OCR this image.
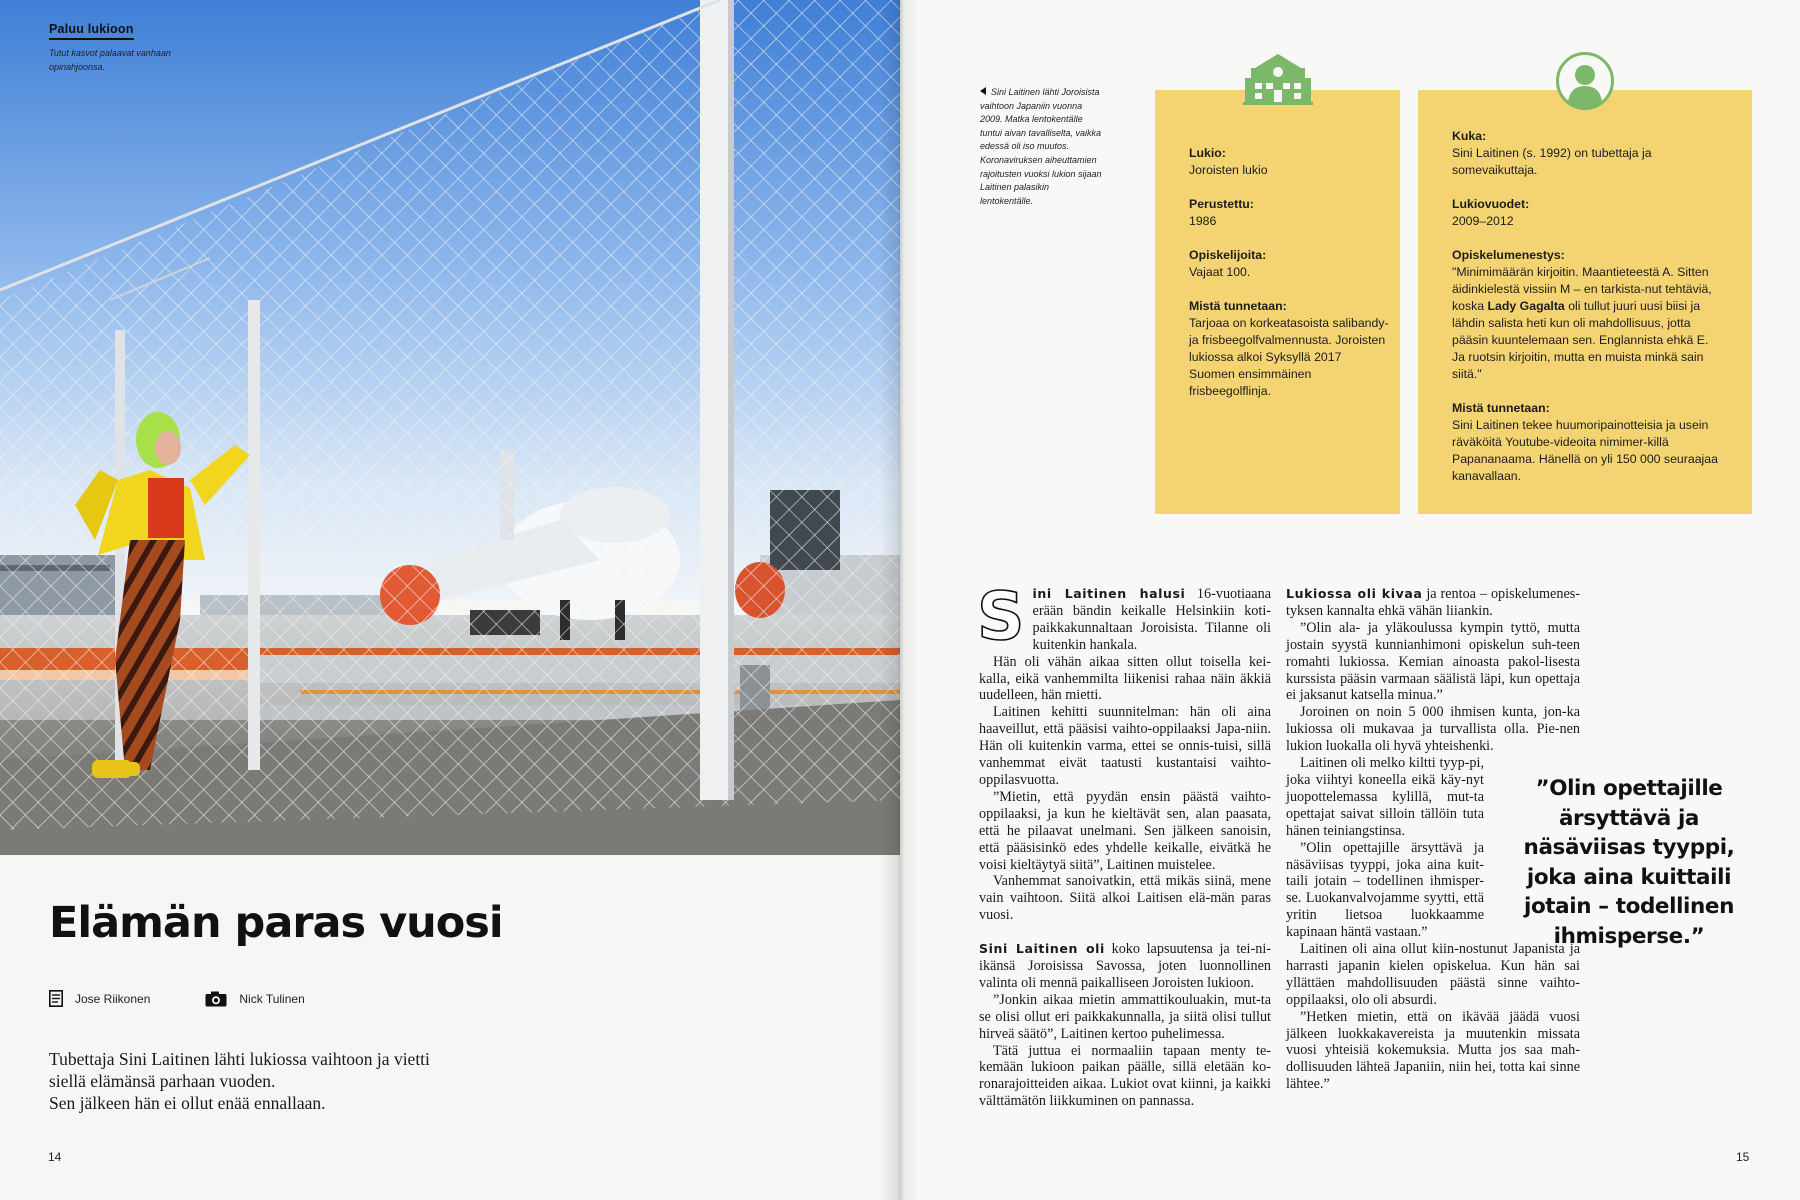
Paluu lukioon
Tutut kasvot palaavat vanhaan opinahjoonsa.
Elämän paras vuosi
Jose Riikonen	Nick Tulinen

Tubettaja Sini Laitinen lähti lukiossa vaihtoon ja vietti

siellä elämänsä parhaan vuoden.

Sen jälkeen hän ei ollut enää ennallaan.

14
Sini Laitinen lähti Joroisista vaihtoon Japaniin vuonna 2009. Matka lentokentälle tuntui aivan tavalliselta, vaikka edessä oli iso muutos. Koronaviruksen aiheuttamien rajoitusten vuoksi lukion sijaan Laitinen palasikin lentokentälle.
Lukio:
Joroisten lukio
Perustettu:
1986
Opiskelijoita:
Vajaat 100.
Mistä tunnetaan:
Tarjoaa on korkeatasoista salibandy- ja frisbeegolfvalmennusta. Joroisten lukiossa alkoi Syksyllä 2017 Suomen ensimmäinen frisbeegolflinja.
Kuka:
Sini Laitinen (s. 1992) on tubettaja ja somevaikuttaja.
Lukiovuodet:
2009–2012
Opiskelumenestys:
"Minimimäärän kirjoitin. Maantieteestä A. Sitten äidinkielestä vissiin M – en tarkista-nut tehtäviä, koska Lady Gagalta oli tullut juuri uusi biisi ja lähdin salista heti kun oli mahdollisuus, jotta pääsin kuuntelemaan sen. Englannista ehkä E. Ja ruotsin kirjoitin, mutta en muista minkä sain siitä."
Mistä tunnetaan:
Sini Laitinen tekee huumoripainotteisia ja usein räväköitä Youtube-videoita nimimer-killä Papananaama. Hänellä on yli 150 000 seuraajaa kanavallaan.
S ini Laitinen halusi 16-vuotiaana erään bändin keikalle Helsinkiin koti-paikkakunnaltaan Joroisista. Tilanne oli kuitenkin hankala.

Hän oli vähän aikaa sitten ollut toisella kei-kalla, eikä vanhemmilta liikenisi rahaa näin äkkiä uudelleen, hän mietti.

Laitinen kehitti suunnitelman: hän oli aina haaveillut, että pääsisi vaihto-oppilaaksi Japa-niin. Hän oli kuitenkin varma, ettei se onnis-tuisi, sillä vanhemmat eivät taatusti kustantaisi vaihto-oppilasvuotta.

”Mietin, että pyydän ensin päästä vaihto-oppilaaksi, ja kun he kieltävät sen, alan paasata, että he pilaavat unelmani. Sen jälkeen sanoisin, että pääsisinkö edes yhdelle keikalle, eivätkä he voisi kieltäytyä siitä”, Laitinen muistelee.

Vanhemmat sanoivatkin, että mikäs siinä, mene vain vaihtoon. Siitä alkoi Laitisen elä-män paras vuosi.

Sini Laitinen oli koko lapsuutensa ja tei-ni-ikänsä Joroisissa Savossa, joten luonnollinen valinta oli mennä paikalliseen Joroisten lukioon.

”Jonkin aikaa mietin ammattikouluakin, mut-ta se olisi ollut eri paikkakunnalla, ja siitä olisi tullut hirveä säätö”, Laitinen kertoo puhelimessa.

Tätä juttua ei normaaliin tapaan menty te-kemään lukioon paikan päälle, sillä eletään ko-ronarajoitteiden aikaa. Lukiot ovat kiinni, ja kaikki välttämätön liikkuminen on pannassa.

Lukiossa oli kivaa ja rentoa – opiskelumenes-tyksen kannalta ehkä vähän liiankin.

”Olin ala- ja yläkoulussa kympin tyttö, mutta jostain syystä kunnianhimoni opiskelun suh-teen romahti lukiossa. Kemian ainoasta pakol-lisesta kurssista pääsin varmaan säälistä läpi, kun opettaja ei jaksanut katsella minua.”

Joroinen on noin 5 000 ihmisen kunta, jon-ka lukiossa oli mukavaa ja turvallista olla. Pie-nen lukion luokalla oli hyvä yhteishenki.

Laitinen oli melko kiltti tyyp-pi, joka viihtyi koneella eikä käy-nyt juopottelemassa kylillä, mut-ta opettajat saivat silloin tällöin tuta hänen teiniangstinsa.

”Olin opettajille ärsyttävä ja näsäviisas tyyppi, joka aina kuit-taili jotain – todellinen ihmisper-se. Luokanvalvojamme syytti, että yritin lietsoa luokkaamme kapinaan häntä vastaan.”

Laitinen oli aina ollut kiin-nostunut Japanista ja harrasti japanin kielen opiskelua. Kun hän sai yllättäen mahdollisuuden päästä sinne vaihto-oppilaaksi, olo oli absurdi.

”Hetken mietin, että on ikävää jäädä vuosi jälkeen luokkakavereista ja muutenkin missata vuosi yhteisiä kokemuksia. Mutta jos saa mah-dollisuuden lähteä Japaniin, niin hei, totta kai sinne lähtee.”

”Olin opettajille ärsyttävä ja näsäviisas tyyppi, joka aina kuittaili jotain – todellinen ihmisperse.”
15
